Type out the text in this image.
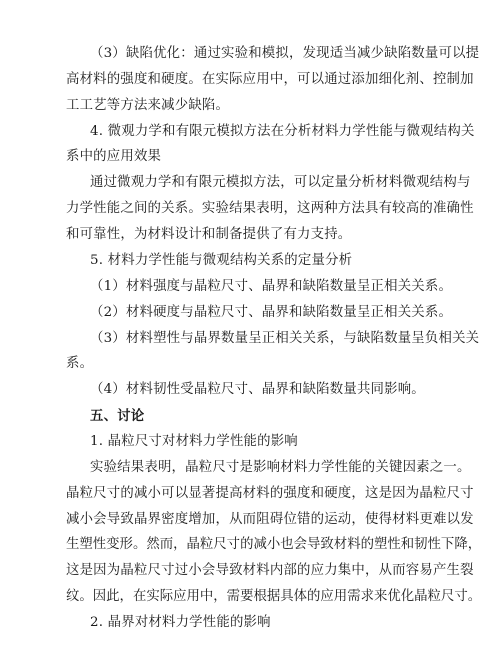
（3）缺陷优化：通过实验和模拟，发现适当减少缺陷数量可以提
高材料的强度和硬度。在实际应用中，可以通过添加细化剂、控制加
工工艺等方法来减少缺陷。
4. 微观力学和有限元模拟方法在分析材料力学性能与微观结构关
系中的应用效果
通过微观力学和有限元模拟方法，可以定量分析材料微观结构与
力学性能之间的关系。实验结果表明，这两种方法具有较高的准确性
和可靠性，为材料设计和制备提供了有力支持。
5. 材料力学性能与微观结构关系的定量分析
（1）材料强度与晶粒尺寸、晶界和缺陷数量呈正相关关系。
（2）材料硬度与晶粒尺寸、晶界和缺陷数量呈正相关关系。
（3）材料塑性与晶界数量呈正相关关系，与缺陷数量呈负相关关
系。
（4）材料韧性受晶粒尺寸、晶界和缺陷数量共同影响。
五、讨论
1. 晶粒尺寸对材料力学性能的影响
实验结果表明，晶粒尺寸是影响材料力学性能的关键因素之一。
晶粒尺寸的减小可以显著提高材料的强度和硬度，这是因为晶粒尺寸
减小会导致晶界密度增加，从而阻碍位错的运动，使得材料更难以发
生塑性变形。然而，晶粒尺寸的减小也会导致材料的塑性和韧性下降，
这是因为晶粒尺寸过小会导致材料内部的应力集中，从而容易产生裂
纹。因此，在实际应用中，需要根据具体的应用需求来优化晶粒尺寸。
2. 晶界对材料力学性能的影响
